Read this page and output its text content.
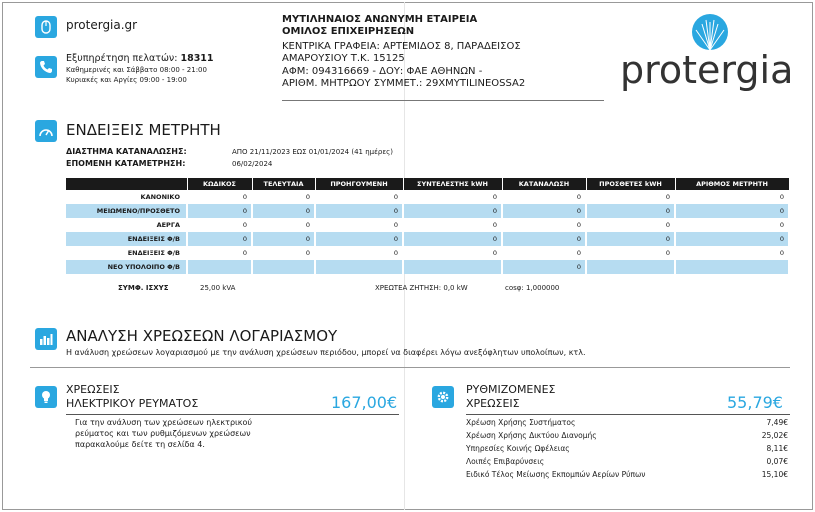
protergia.gr
Εξυπηρέτηση πελατών: 18311
Καθημερινές και Σάββατο 08:00 - 21:00
Κυριακές και Αργίες 09:00 - 19:00
ΜΥΤΙΛΗΝΑΙΟΣ ΑΝΩΝΥΜΗ ΕΤΑΙΡΕΙΑ
ΟΜΙΛΟΣ ΕΠΙΧΕΙΡΗΣΕΩΝ
ΚΕΝΤΡΙΚΑ ΓΡΑΦΕΙΑ: ΑΡΤΕΜΙΔΟΣ 8, ΠΑΡΑΔΕΙΣΟΣ
ΑΜΑΡΟΥΣΙΟΥ Τ.Κ. 15125
ΑΦΜ: 094316669 - ΔΟΥ: ΦΑΕ ΑΘΗΝΩΝ -
ΑΡΙΘΜ. ΜΗΤΡΩΟΥ ΣΥΜΜΕΤ.: 29XMYTILINEOSSA2 protergia
ΕΝΔΕΙΞΕΙΣ ΜΕΤΡΗΤΗ
ΔΙΑΣΤΗΜΑ ΚΑΤΑΝΑΛΩΣΗΣ:	ΑΠΟ 21/11/2023 ΕΩΣ 01/01/2024 (41 ημέρες)
ΕΠΟΜΕΝΗ ΚΑΤΑΜΕΤΡΗΣΗ:	06/02/2024
	ΚΩΔΙΚΟΣ	ΤΕΛΕΥΤΑΙΑ	ΠΡΟΗΓΟΥΜΕΝΗ	ΣΥΝΤΕΛΕΣΤΗΣ kWH	ΚΑΤΑΝΑΛΩΣΗ	ΠΡΟΣΘΕΤΕΣ kWH	ΑΡΙΘΜΟΣ ΜΕΤΡΗΤΗ
ΚΑΝΟΝΙΚΟ	0	0	0	0	0	0	0
ΜΕΙΩΜΕΝΟ/ΠΡΟΣΘΕΤΟ	0	0	0	0	0	0	0
ΑΕΡΓΑ	0	0	0	0	0	0	0
ΕΝΔΕΙΞΕΙΣ Φ/Β	0	0	0	0	0	0	0
ΕΝΔΕΙΞΕΙΣ Φ/Β	0	0	0	0	0	0	0
ΝΕΟ ΥΠΟΛΟΙΠΟ Φ/Β					0		
ΣΥΜΦ. ΙΣΧΥΣ	25,00 kVA	ΧΡΕΩΤΕΑ ΖΗΤΗΣΗ: 0,0 kW	cosφ: 1,000000
ΑΝΑΛΥΣΗ ΧΡΕΩΣΕΩΝ ΛΟΓΑΡΙΑΣΜΟΥ
Η ανάλυση χρεώσεων λογαριασμού με την ανάλυση χρεώσεων περιόδου, μπορεί να διαφέρει λόγω ανεξόφλητων υπολοίπων, κτλ.
ΧΡΕΩΣΕΙΣ
ΗΛΕΚΤΡΙΚΟΥ ΡΕΥΜΑΤΟΣ	167,00€
Για την ανάλυση των χρεώσεων ηλεκτρικού
ρεύματος και των ρυθμιζόμενων χρεώσεων
παρακαλούμε δείτε τη σελίδα 4.
ΡΥΘΜΙΖΟΜΕΝΕΣ
ΧΡΕΩΣΕΙΣ	55,79€
Χρέωση Χρήσης Συστήματος	7,49€
Χρέωση Χρήσης Δικτύου Διανομής	25,02€
Υπηρεσίες Κοινής Ωφέλειας	8,11€
Λοιπές Επιβαρύνσεις	0,07€
Ειδικό Τέλος Μείωσης Εκπομπών Αερίων Ρύπων	15,10€
